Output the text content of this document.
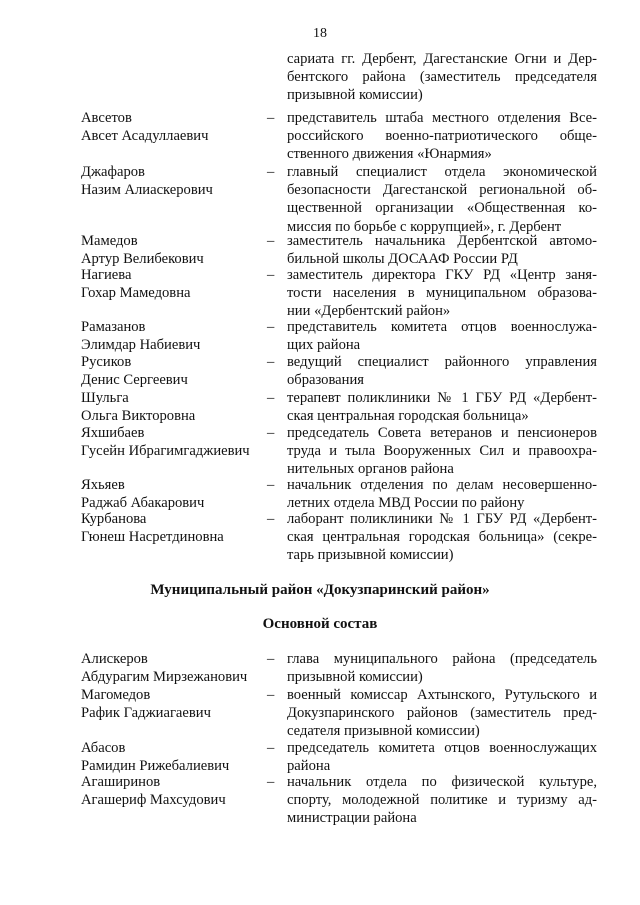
18
сариата гг. Дербент, Дагестанские Огни и Дер-
бентского района (заместитель председателя
призывной комиссии)
Авсетов
Авсет Асадуллаевич
– представитель штаба местного отделения Все-
российского военно-патриотического обще-
ственного движения «Юнармия»
Джафаров
Назим Алиаскерович
– главный специалист отдела экономической
безопасности Дагестанской региональной об-
щественной организации «Общественная ко-
миссия по борьбе с коррупцией», г. Дербент
Мамедов
Артур Велибекович
– заместитель начальника Дербентской автомо-
бильной школы ДОСААФ России РД
Нагиева
Гохар Мамедовна
– заместитель директора ГКУ РД «Центр заня-
тости населения в муниципальном образова-
нии «Дербентский район»
Рамазанов
Элимдар Набиевич
– представитель комитета отцов военнослужа-
щих района
Русиков
Денис Сергеевич
– ведущий специалист районного управления
образования
Шульга
Ольга Викторовна
– терапевт поликлиники № 1 ГБУ РД «Дербент-
ская центральная городская больница»
Яхшибаев
Гусейн Ибрагимгаджиевич
– председатель Совета ветеранов и пенсионеров
труда и тыла Вооруженных Сил и правоохра-
нительных органов района
Яхьяев
Раджаб Абакарович
– начальник отделения по делам несовершенно-
летних отдела МВД России по району
Курбанова
Гюнеш Насретдиновна
– лаборант поликлиники № 1 ГБУ РД «Дербент-
ская центральная городская больница» (секре-
тарь призывной комиссии)
Муниципальный район «Докузпаринский район»
Основной состав
Алискеров
Абдурагим Мирзежанович
– глава муниципального района (председатель
призывной комиссии)
Магомедов
Рафик Гаджиагаевич
– военный комиссар Ахтынского, Рутульского и
Докузпаринского районов (заместитель пред-
седателя призывной комиссии)
Абасов
Рамидин Рижебалиевич
– председатель комитета отцов военнослужащих
района
Агаширинов
Агашериф Махсудович
– начальник отдела по физической культуре,
спорту, молодежной политике и туризму ад-
министрации района
